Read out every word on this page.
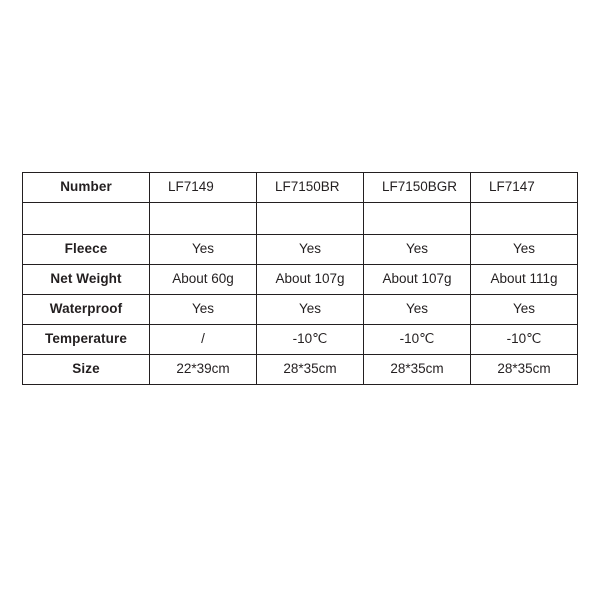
Number	LF7149	LF7150BR	LF7150BGR	LF7147

Fleece	Yes	Yes	Yes	Yes
Net Weight	About 60g	About 107g	About 107g	About 111g
Waterproof	Yes	Yes	Yes	Yes
Temperature	/	-10℃	-10℃	-10℃
Size	22*39cm	28*35cm	28*35cm	28*35cm
